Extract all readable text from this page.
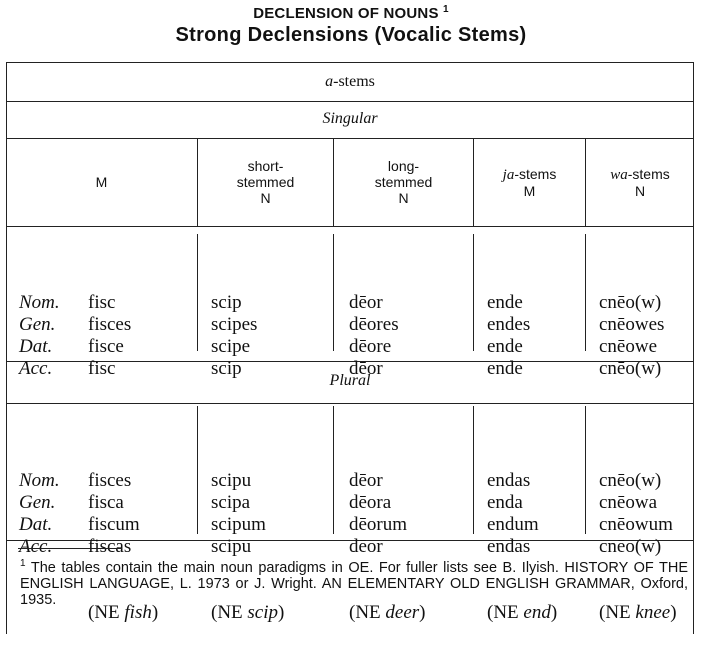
DECLENSION OF NOUNS $^1$
Strong Declensions (Vocalic Stems)
a-stems
Singular
Plural
M
short-
stemmed
N
long-
stemmed
N
ja-stems
M
wa-stems
N

Nom.
Gen.
Dat.
Acc.

fisc
fisces
fisce
fisc

scip
scipes
scipe
scip

dēor
dēores
dēore
dēor

ende
endes
ende
ende

cnēo(w)
cnēowes
cnēowe
cnēo(w)

Nom.
Gen.
Dat.
Acc.

fisces
fisca
fiscum
fiscas

(NE fish)

scipu
scipa
scipum
scipu

(NE scip)

dēor
dēora
dēorum
dēor

(NE deer)

endas
enda
endum
endas

(NE end)

cnēo(w)
cnēowa
cnēowum
cnēo(w)

(NE knee)

$^1$ The tables contain the main noun paradigms in OE. For fuller lists see B. Ilyish. HISTORY OF THE ENGLISH LANGUAGE, L. 1973 or J. Wright. AN ELEMENTARY OLD ENGLISH GRAMMAR, Oxford, 1935.
